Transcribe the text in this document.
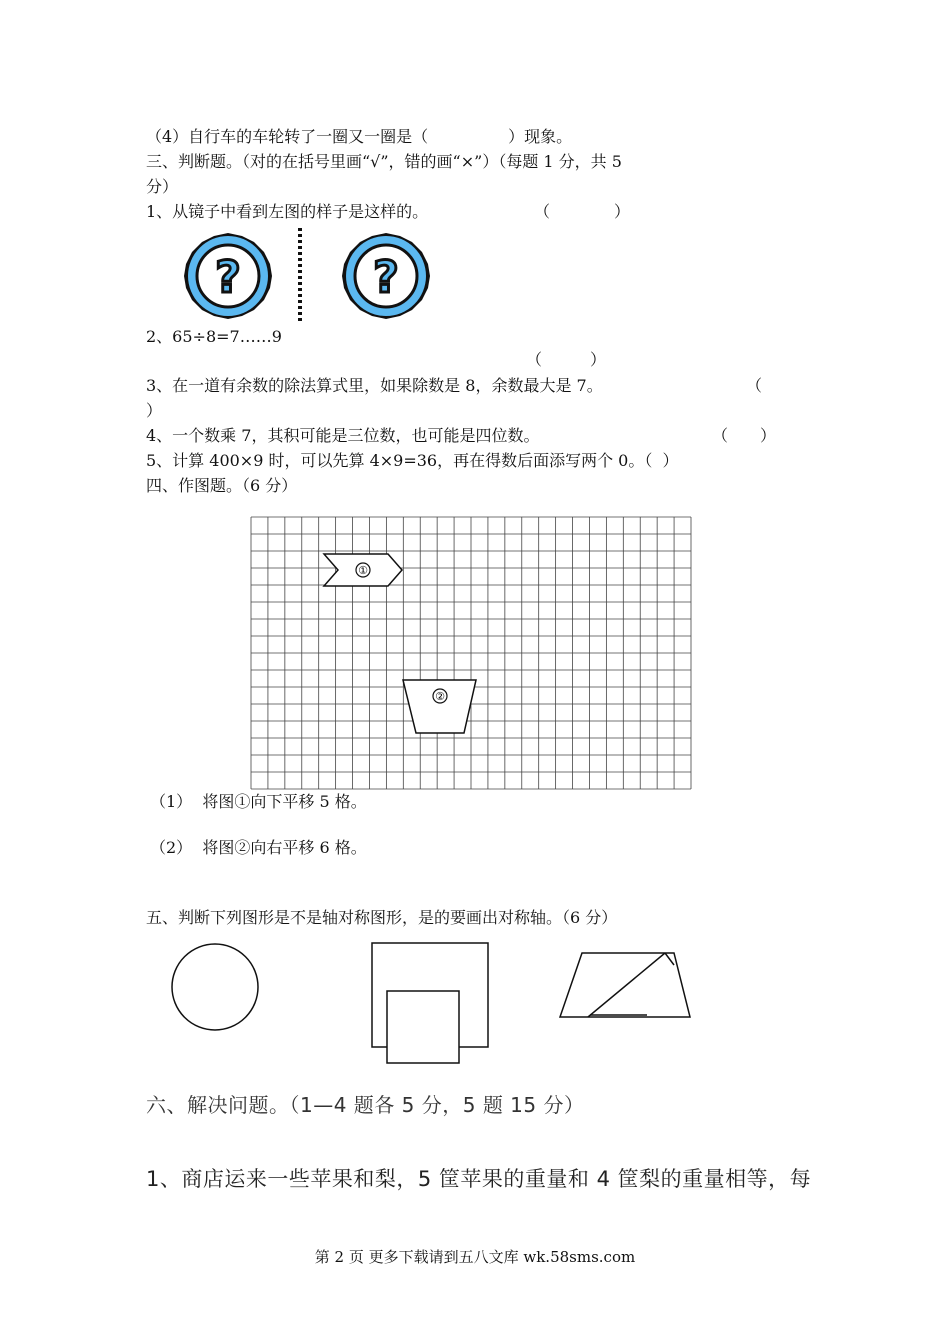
（4）自行车的车轮转了一圈又一圈是（　　　　　）现象。
三、判断题。（对的在括号里画“√”，错的画“×”）（每题 1 分，共 5
分）
1、从镜子中看到左图的样子是这样的。	（　　　　）
?	?
2、65÷8=7……9
（　　　）
3、在一道有余数的除法算式里，如果除数是 8，余数最大是 7。	（
）
4、一个数乘 7，其积可能是三位数，也可能是四位数。	（　　）
5、计算 400×9 时，可以先算 4×9=36，再在得数后面添写两个 0。（  ）
四、作图题。（6 分）
①
②
（1）  将图①向下平移 5 格。
（2）  将图②向右平移 6 格。
五、判断下列图形是不是轴对称图形，是的要画出对称轴。（6 分）
六、解决问题。（1—4 题各 5 分，5 题 15 分）
1、商店运来一些苹果和梨，5 筐苹果的重量和 4 筐梨的重量相等，每
第 2 页 更多下载请到五八文库 wk.58sms.com
